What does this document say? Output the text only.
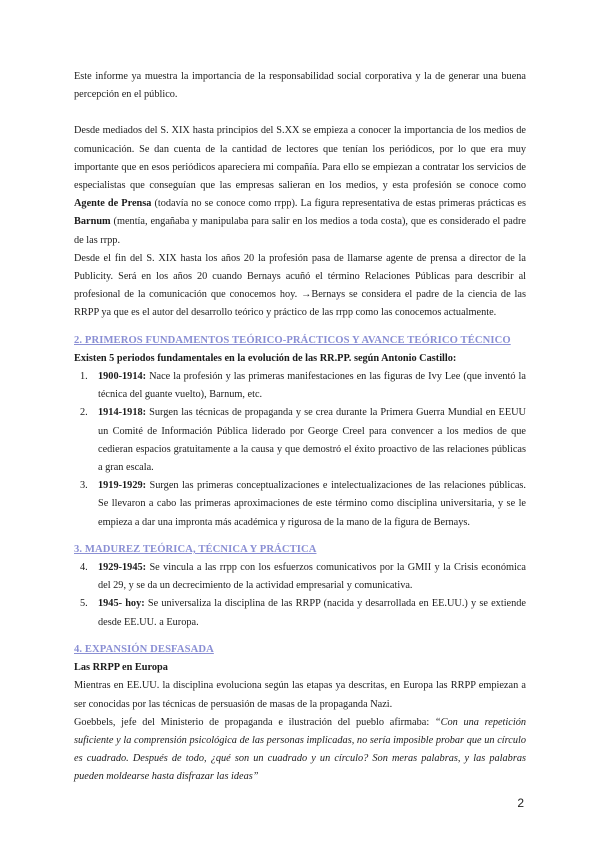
Este informe ya muestra la importancia de la responsabilidad social corporativa y la de generar una buena percepción en el público.

Desde mediados del S. XIX hasta principios del S.XX se empieza a conocer la importancia de los medios de comunicación. Se dan cuenta de la cantidad de lectores que tenían los periódicos, por lo que era muy importante que en esos periódicos apareciera mi compañía. Para ello se empiezan a contratar los servicios de especialistas que conseguían que las empresas salieran en los medios, y esta profesión se conoce como Agente de Prensa (todavía no se conoce como rrpp). La figura representativa de estas primeras prácticas es Barnum (mentía, engañaba y manipulaba para salir en los medios a toda costa), que es considerado el padre de las rrpp.

Desde el fin del S. XIX hasta los años 20 la profesión pasa de llamarse agente de prensa a director de la Publicity. Será en los años 20 cuando Bernays acuñó el término Relaciones Públicas para describir al profesional de la comunicación que conocemos hoy. →Bernays se considera el padre de la ciencia de las RRPP ya que es el autor del desarrollo teórico y práctico de las rrpp como las conocemos actualmente.

2. PRIMEROS FUNDAMENTOS TEÓRICO-PRÁCTICOS Y AVANCE TEÓRICO TÉCNICO

Existen 5 periodos fundamentales en la evolución de las RR.PP. según Antonio Castillo:

1. 1900-1914: Nace la profesión y las primeras manifestaciones en las figuras de Ivy Lee (que inventó la técnica del guante vuelto), Barnum, etc.
2. 1914-1918: Surgen las técnicas de propaganda y se crea durante la Primera Guerra Mundial en EEUU un Comité de Información Pública liderado por George Creel para convencer a los medios de que cedieran espacios gratuitamente a la causa y que demostró el éxito proactivo de las relaciones públicas a gran escala.
3. 1919-1929: Surgen las primeras conceptualizaciones e intelectualizaciones de las relaciones públicas. Se llevaron a cabo las primeras aproximaciones de este término como disciplina universitaria, y se le empieza a dar una impronta más académica y rigurosa de la mano de la figura de Bernays.

3. MADUREZ TEÓRICA, TÉCNICA Y PRÁCTICA

4. 1929-1945: Se vincula a las rrpp con los esfuerzos comunicativos por la GMII y la Crisis económica del 29, y se da un decrecimiento de la actividad empresarial y comunicativa.
5. 1945- hoy: Se universaliza la disciplina de las RRPP (nacida y desarrollada en EE.UU.) y se extiende desde EE.UU. a Europa.

4. EXPANSIÓN DESFASADA

Las RRPP en Europa

Mientras en EE.UU. la disciplina evoluciona según las etapas ya descritas, en Europa las RRPP empiezan a ser conocidas por las técnicas de persuasión de masas de la propaganda Nazi.

Goebbels, jefe del Ministerio de propaganda e ilustración del pueblo afirmaba: “Con una repetición suficiente y la comprensión psicológica de las personas implicadas, no sería imposible probar que un círculo es cuadrado. Después de todo, ¿qué son un cuadrado y un círculo? Son meras palabras, y las palabras pueden moldearse hasta disfrazar las ideas”

2
